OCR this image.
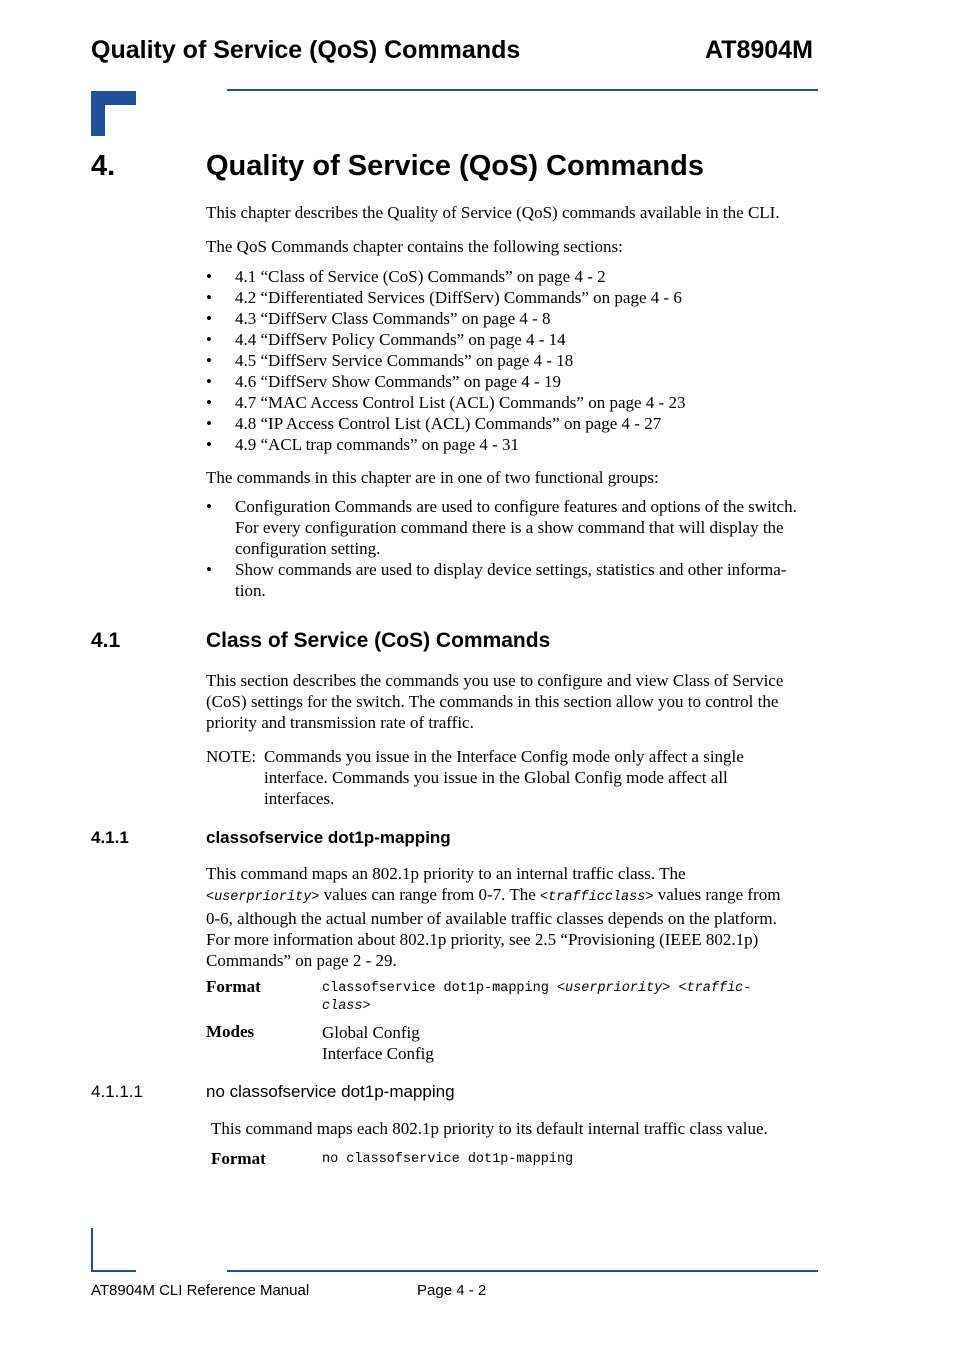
Quality of Service (QoS) Commands	AT8904M
4.	Quality of Service (QoS) Commands
This chapter describes the Quality of Service (QoS) commands available in the CLI.
The QoS Commands chapter contains the following sections:
• 4.1 “Class of Service (CoS) Commands” on page 4 - 2
• 4.2 “Differentiated Services (DiffServ) Commands” on page 4 - 6
• 4.3 “DiffServ Class Commands” on page 4 - 8
• 4.4 “DiffServ Policy Commands” on page 4 - 14
• 4.5 “DiffServ Service Commands” on page 4 - 18
• 4.6 “DiffServ Show Commands” on page 4 - 19
• 4.7 “MAC Access Control List (ACL) Commands” on page 4 - 23
• 4.8 “IP Access Control List (ACL) Commands” on page 4 - 27
• 4.9 “ACL trap commands” on page 4 - 31
The commands in this chapter are in one of two functional groups:
• Configuration Commands are used to configure features and options of the switch.
For every configuration command there is a show command that will display the
configuration setting.
• Show commands are used to display device settings, statistics and other informa-
tion.
4.1	Class of Service (CoS) Commands
This section describes the commands you use to configure and view Class of Service
(CoS) settings for the switch. The commands in this section allow you to control the
priority and transmission rate of traffic.
NOTE: Commands you issue in the Interface Config mode only affect a single
interface. Commands you issue in the Global Config mode affect all
interfaces.
4.1.1	classofservice dot1p-mapping
This command maps an 802.1p priority to an internal traffic class. The
<userpriority> values can range from 0-7. The <trafficclass> values range from
0-6, although the actual number of available traffic classes depends on the platform.
For more information about 802.1p priority, see 2.5 “Provisioning (IEEE 802.1p)
Commands” on page 2 - 29.
Format	classofservice dot1p-mapping <userpriority> <traffic-
class>
Modes	Global Config
Interface Config
4.1.1.1	no classofservice dot1p-mapping
This command maps each 802.1p priority to its default internal traffic class value.
Format	no classofservice dot1p-mapping
AT8904M CLI Reference Manual	Page 4 - 2
